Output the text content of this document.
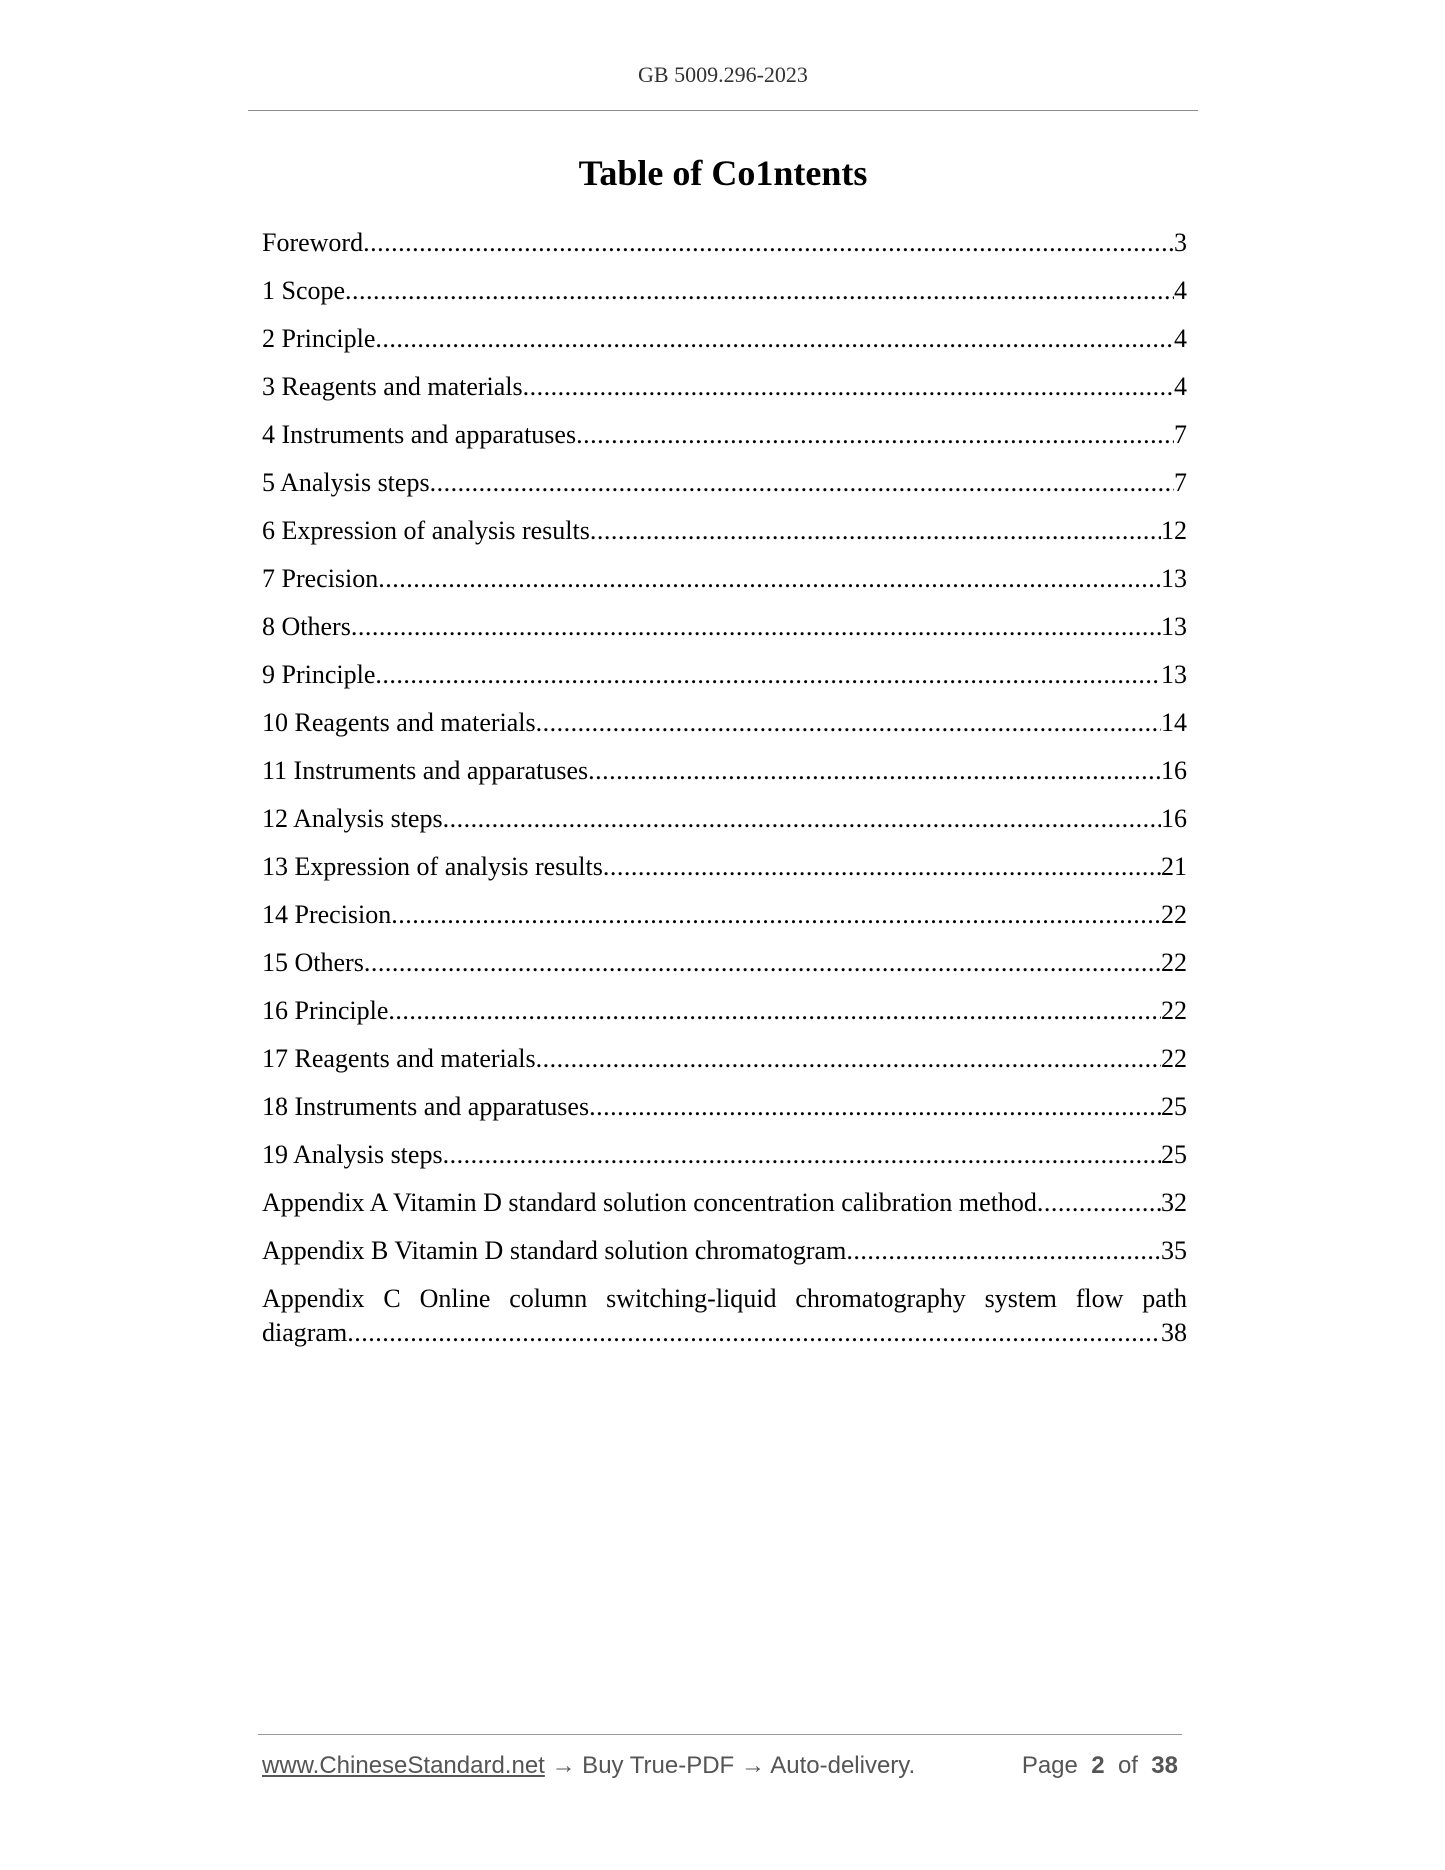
GB 5009.296-2023
Table of Co1ntents
Foreword .....	3
1 Scope .....	4
2 Principle .....	4
3 Reagents and materials .....	4
4 Instruments and apparatuses .....	7
5 Analysis steps .....	7
6 Expression of analysis results .....	12
7 Precision .....	13
8 Others .....	13
9 Principle .....	13
10 Reagents and materials .....	14
11 Instruments and apparatuses .....	16
12 Analysis steps .....	16
13 Expression of analysis results .....	21
14 Precision .....	22
15 Others .....	22
16 Principle .....	22
17 Reagents and materials .....	22
18 Instruments and apparatuses .....	25
19 Analysis steps .....	25
Appendix A Vitamin D standard solution concentration calibration method .....	32
Appendix B Vitamin D standard solution chromatogram .....	35
Appendix C Online column switching-liquid chromatography system flow path
diagram .....	38
www.ChineseStandard.net → Buy True-PDF → Auto-delivery.	Page 2 of 38
